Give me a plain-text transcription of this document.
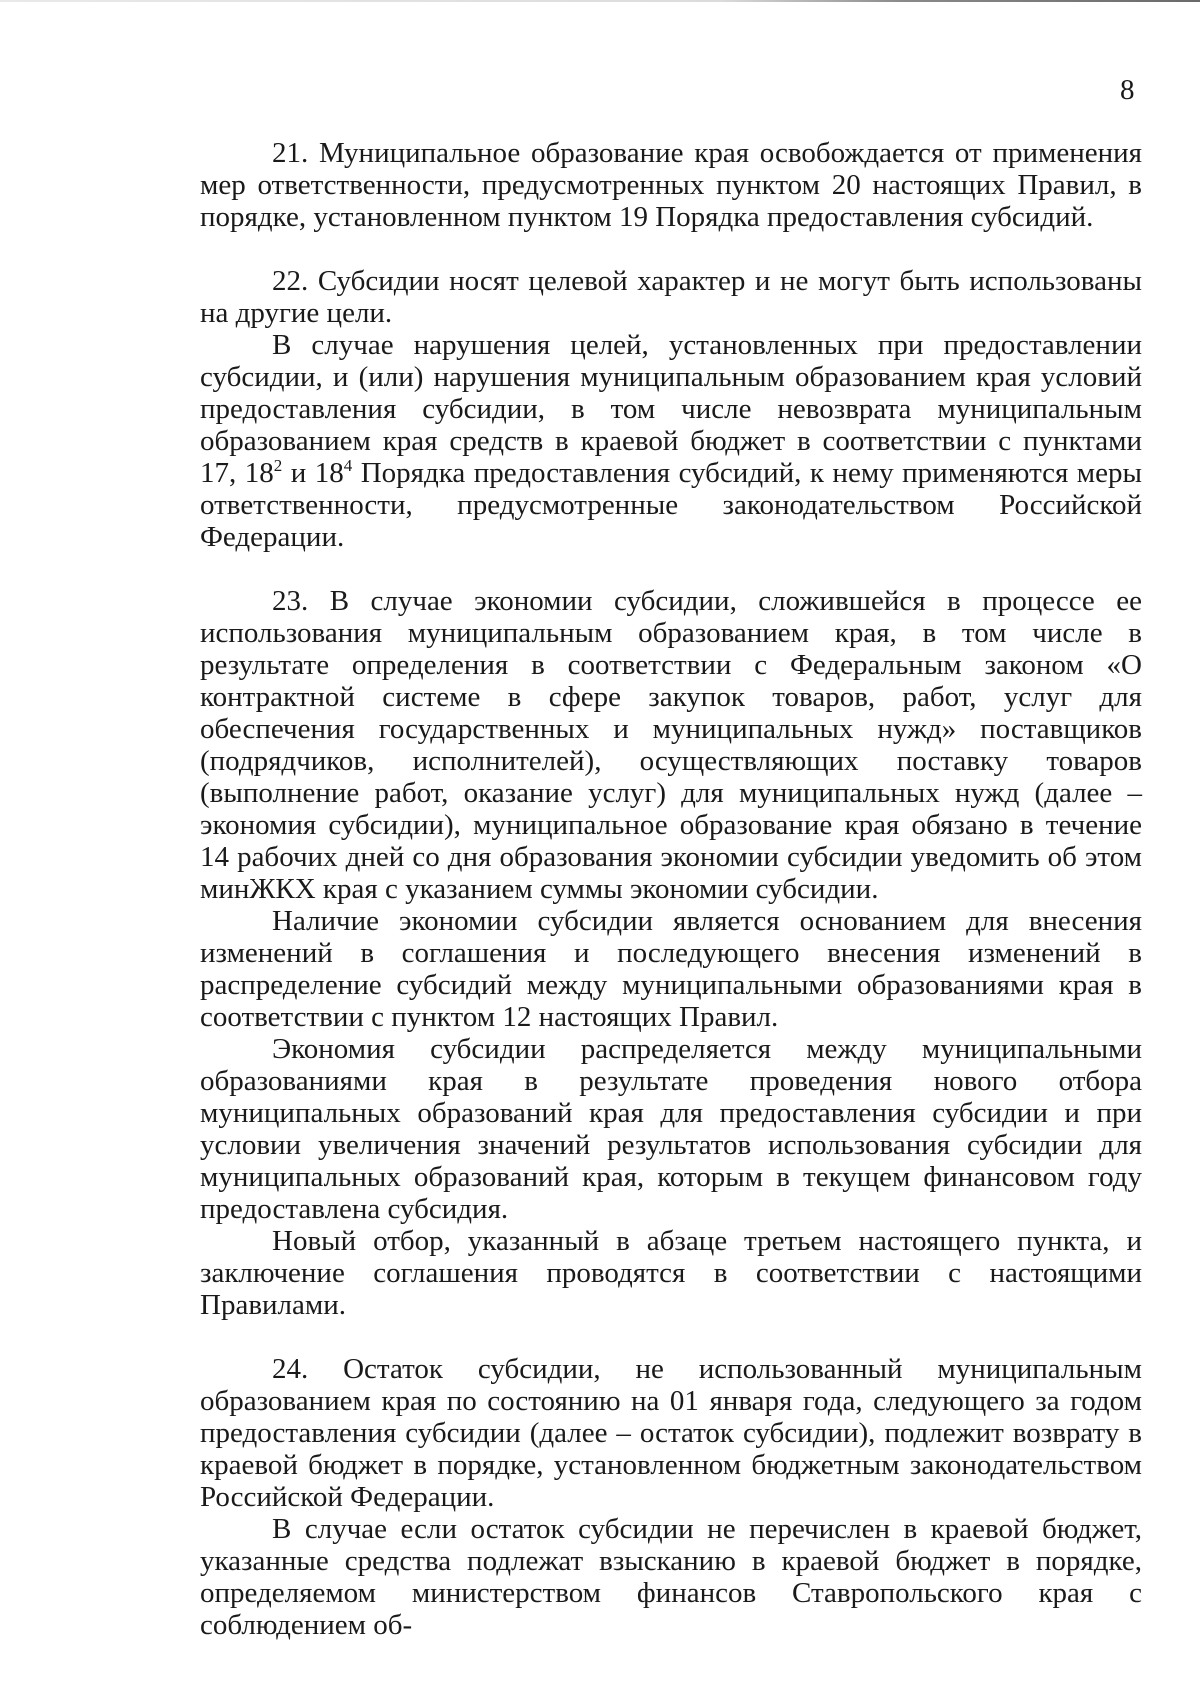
8

21. Муниципальное образование края освобождается от применения мер ответственности, предусмотренных пунктом 20 настоящих Правил, в порядке, установленном пунктом 19 Порядка предоставления субсидий.

22. Субсидии носят целевой характер и не могут быть использованы на другие цели.

В случае нарушения целей, установленных при предоставлении субсидии, и (или) нарушения муниципальным образованием края условий предоставления субсидии, в том числе невозврата муниципальным образованием края средств в краевой бюджет в соответствии с пунктами 17, $18^2$ и $18^4$ Порядка предоставления субсидий, к нему применяются меры ответственности, предусмотренные законодательством Российской Федерации.

23. В случае экономии субсидии, сложившейся в процессе ее использования муниципальным образованием края, в том числе в результате определения в соответствии с Федеральным законом «О контрактной системе в сфере закупок товаров, работ, услуг для обеспечения государственных и муниципальных нужд» поставщиков (подрядчиков, исполнителей), осуществляющих поставку товаров (выполнение работ, оказание услуг) для муниципальных нужд (далее – экономия субсидии), муниципальное образование края обязано в течение 14 рабочих дней со дня образования экономии субсидии уведомить об этом минЖКХ края с указанием суммы экономии субсидии.

Наличие экономии субсидии является основанием для внесения изменений в соглашения и последующего внесения изменений в распределение субсидий между муниципальными образованиями края в соответствии с пунктом 12 настоящих Правил.

Экономия субсидии распределяется между муниципальными образованиями края в результате проведения нового отбора муниципальных образований края для предоставления субсидии и при условии увеличения значений результатов использования субсидии для муниципальных образований края, которым в текущем финансовом году предоставлена субсидия.

Новый отбор, указанный в абзаце третьем настоящего пункта, и заключение соглашения проводятся в соответствии с настоящими Правилами.

24. Остаток субсидии, не использованный муниципальным образованием края по состоянию на 01 января года, следующего за годом предоставления субсидии (далее – остаток субсидии), подлежит возврату в краевой бюджет в порядке, установленном бюджетным законодательством Российской Федерации.

В случае если остаток субсидии не перечислен в краевой бюджет, указанные средства подлежат взысканию в краевой бюджет в порядке, определяемом министерством финансов Ставропольского края с соблюдением об-
